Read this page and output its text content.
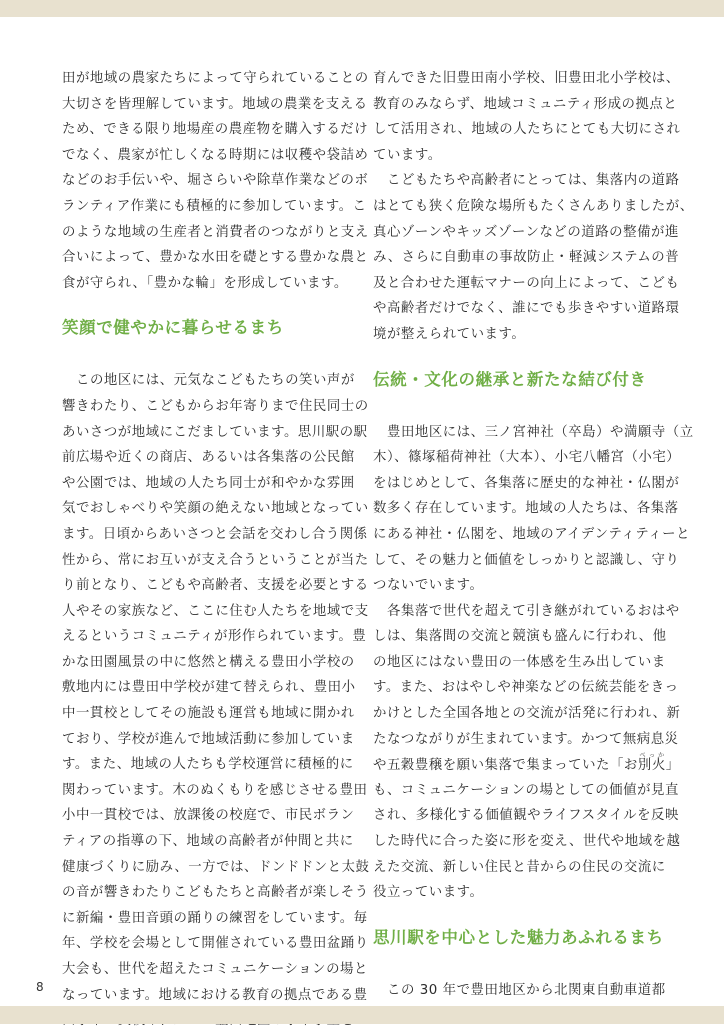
田が地域の農家たちによって守られていることの
大切さを皆理解しています。地域の農業を支える
ため、できる限り地場産の農産物を購入するだけ
でなく、農家が忙しくなる時期には収穫や袋詰め
などのお手伝いや、堀さらいや除草作業などのボ
ランティア作業にも積極的に参加しています。こ
のような地域の生産者と消費者のつながりと支え
合いによって、豊かな水田を礎とする豊かな農と
食が守られ、「豊かな輪」を形成しています。
笑顔で健やかに暮らせるまち
この地区には、元気なこどもたちの笑い声が
響きわたり、こどもからお年寄りまで住民同士の
あいさつが地域にこだましています。思川駅の駅
前広場や近くの商店、あるいは各集落の公民館
や公園では、地域の人たち同士が和やかな雰囲
気でおしゃべりや笑顔の絶えない地域となってい
ます。日頃からあいさつと会話を交わし合う関係
性から、常にお互いが支え合うということが当た
り前となり、こどもや高齢者、支援を必要とする
人やその家族など、ここに住む人たちを地域で支
えるというコミュニティが形作られています。豊
かな田園風景の中に悠然と構える豊田小学校の
敷地内には豊田中学校が建て替えられ、豊田小
中一貫校としてその施設も運営も地域に開かれ
ており、学校が進んで地域活動に参加していま
す。また、地域の人たちも学校運営に積極的に
関わっています。木のぬくもりを感じさせる豊田
小中一貫校では、放課後の校庭で、市民ボラン
ティアの指導の下、地域の高齢者が仲間と共に
健康づくりに励み、一方では、ドンドドンと太鼓
の音が響きわたりこどもたちと高齢者が楽しそう
に新編・豊田音頭の踊りの練習をしています。毎
年、学校を会場として開催されている豊田盆踊り
大会も、世代を超えたコミュニケーションの場と
なっています。地域における教育の拠点である豊
育んできた旧豊田南小学校、旧豊田北小学校は、
教育のみならず、地域コミュニティ形成の拠点と
して活用され、地域の人たちにとても大切にされ
ています。
こどもたちや高齢者にとっては、集落内の道路
はとても狭く危険な場所もたくさんありましたが、
真心ゾーンやキッズゾーンなどの道路の整備が進
み、さらに自動車の事故防止・軽減システムの普
及と合わせた運転マナーの向上によって、こども
や高齢者だけでなく、誰にでも歩きやすい道路環
境が整えられています。
伝統・文化の継承と新たな結び付き
豊田地区には、三ノ宮神社（卒島）や満願寺（立
木）、篠塚稲荷神社（大本）、小宅八幡宮（小宅）
をはじめとして、各集落に歴史的な神社・仏閣が
数多く存在しています。地域の人たちは、各集落
にある神社・仏閣を、地域のアイデンティティーと
して、その魅力と価値をしっかりと認識し、守り
つないでいます。
各集落で世代を超えて引き継がれているおはや
しは、集落間の交流と競演も盛んに行われ、他
の地区にはない豊田の一体感を生み出していま
す。また、おはやしや神楽などの伝統芸能をきっ
かけとした全国各地との交流が活発に行われ、新
たなつながりが生まれています。かつて無病息災
や五穀豊穣を願い集落で集まっていた「お別火べっか」
も、コミュニケーションの場としての価値が見直
され、多様化する価値観やライフスタイルを反映
した時代に合った姿に形を変え、世代や地域を越
えた交流、新しい住民と昔からの住民の交流に
役立っています。
思川駅を中心とした魅力あふれるまち
この 30 年で豊田地区から北関東自動車道都
8
